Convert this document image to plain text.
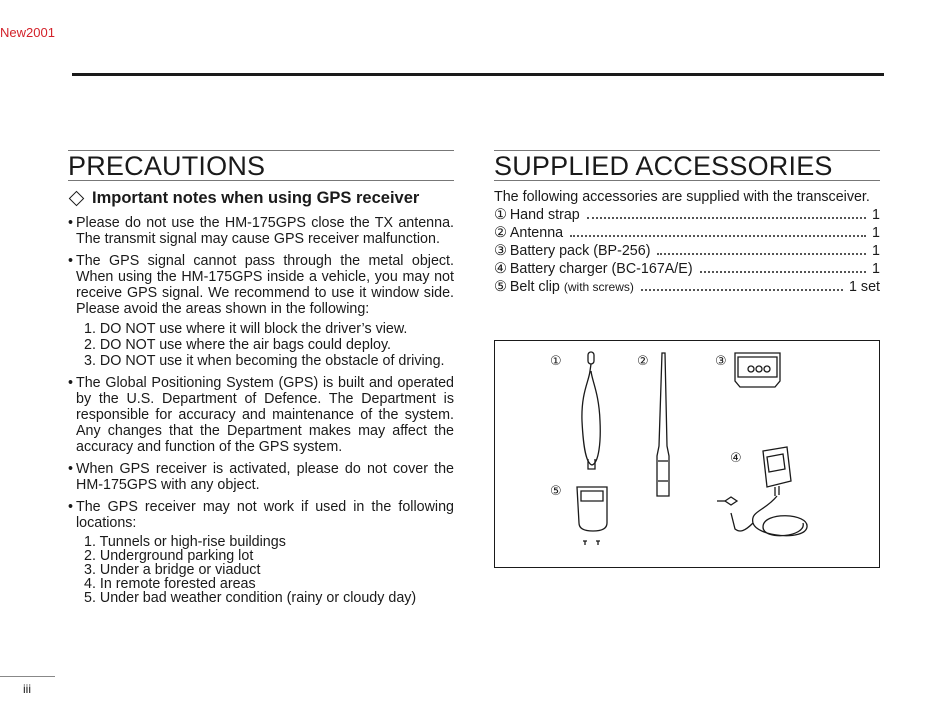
New2001
PRECAUTIONS
Important notes when using GPS receiver
• Please do not use the HM-175GPS close the TX antenna. The transmit signal may cause GPS receiver malfunction.
• The GPS signal cannot pass through the metal object. When using the HM-175GPS inside a vehicle, you may not receive GPS signal. We recommend to use it window side. Please avoid the areas shown in the following:
1. DO NOT use where it will block the driver’s view.
2. DO NOT use where the air bags could deploy.
3. DO NOT use it when becoming the obstacle of driving.
• The Global Positioning System (GPS) is built and operated by the U.S. Department of Defence. The Department is responsible for accuracy and maintenance of the system. Any changes that the Department makes may affect the accuracy and function of the GPS system.
• When GPS receiver is activated, please do not cover the HM-175GPS with any object.
• The GPS receiver may not work if used in the following locations:
1. Tunnels or high-rise buildings
2. Underground parking lot
3. Under a bridge or viaduct
4. In remote forested areas
5. Under bad weather condition (rainy or cloudy day)
SUPPLIED ACCESSORIES
The following accessories are supplied with the transceiver.
① Hand strap	1
② Antenna	1
③ Battery pack (BP-256)	1
④ Battery charger (BC-167A/E)	1
⑤ Belt clip (with screws)	1 set
①	②	③
④
⑤
iii
